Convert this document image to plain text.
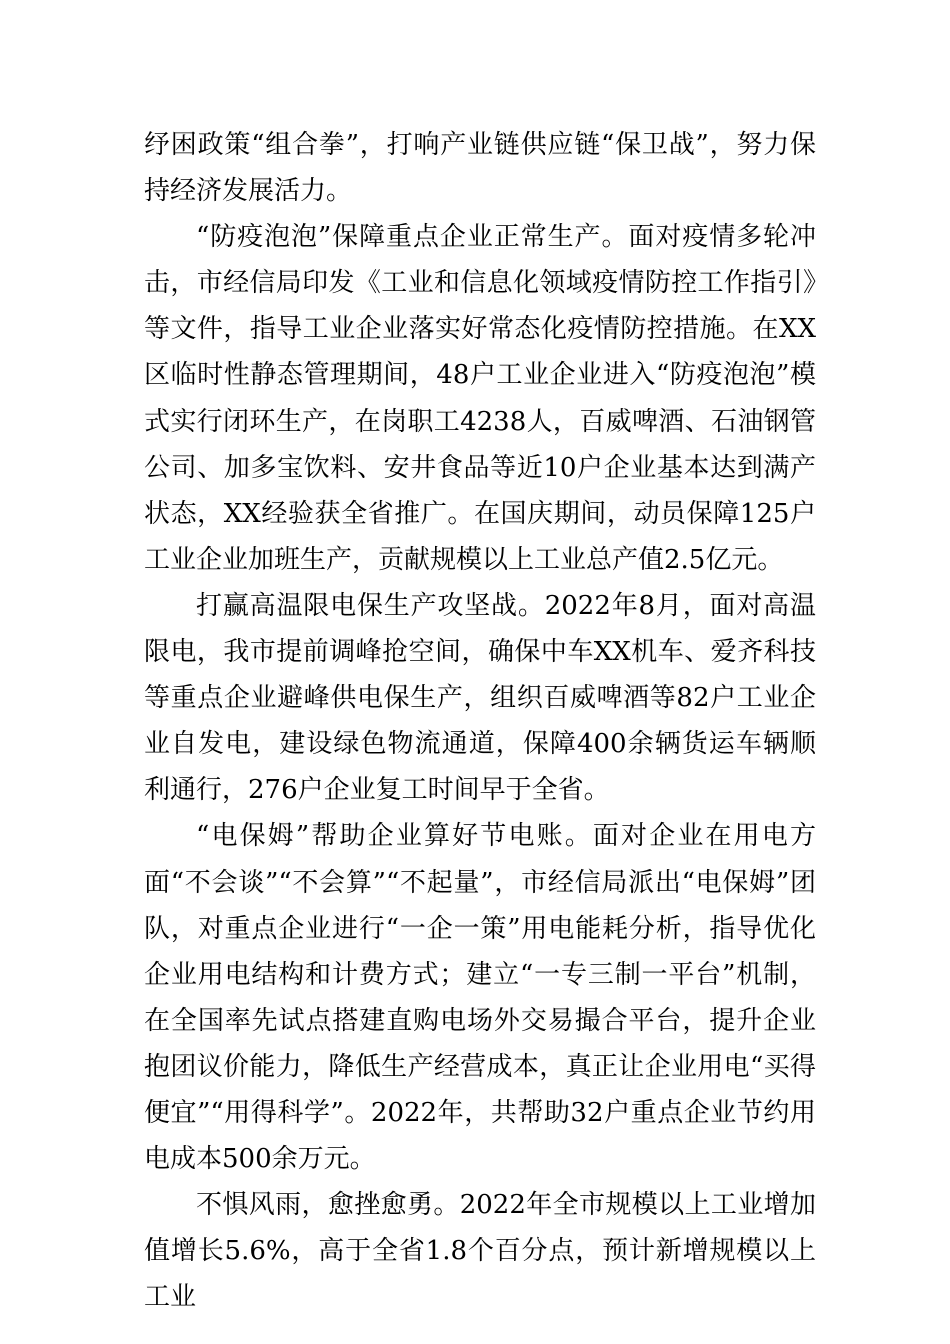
纾困政策“组合拳”，打响产业链供应链“保卫战”，努力保持经济发展活力。

“防疫泡泡”保障重点企业正常生产。面对疫情多轮冲击，市经信局印发《工业和信息化领域疫情防控工作指引》等文件，指导工业企业落实好常态化疫情防控措施。在XX区临时性静态管理期间，48户工业企业进入“防疫泡泡”模式实行闭环生产，在岗职工4238人，百威啤酒、石油钢管公司、加多宝饮料、安井食品等近10户企业基本达到满产状态，XX经验获全省推广。在国庆期间，动员保障125户工业企业加班生产，贡献规模以上工业总产值2.5亿元。

打赢高温限电保生产攻坚战。2022年8月，面对高温限电，我市提前调峰抢空间，确保中车XX机车、爱齐科技等重点企业避峰供电保生产，组织百威啤酒等82户工业企业自发电，建设绿色物流通道，保障400余辆货运车辆顺利通行，276户企业复工时间早于全省。

“电保姆”帮助企业算好节电账。面对企业在用电方面“不会谈”“不会算”“不起量”，市经信局派出“电保姆”团队，对重点企业进行“一企一策”用电能耗分析，指导优化企业用电结构和计费方式；建立“一专三制一平台”机制，在全国率先试点搭建直购电场外交易撮合平台，提升企业抱团议价能力，降低生产经营成本，真正让企业用电“买得便宜”“用得科学”。2022年，共帮助32户重点企业节约用电成本500余万元。

不惧风雨，愈挫愈勇。2022年全市规模以上工业增加值增长5.6%，高于全省1.8个百分点，预计新增规模以上工业
